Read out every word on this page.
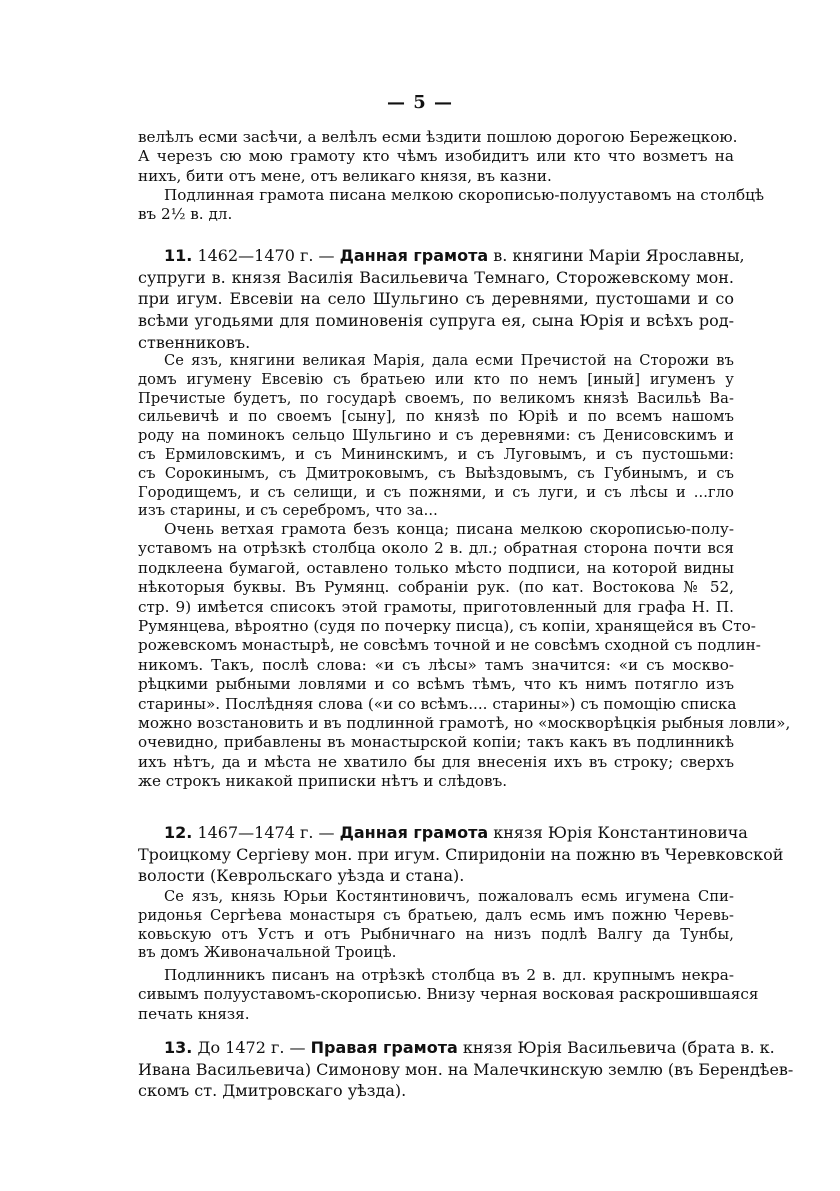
— 5 —
велѣлъ есми засѣчи, а велѣлъ есми ѣздити пошлою дорогою Бережецкою.
А черезъ сю мою грамоту кто чѣмъ изобидитъ или кто что возметъ на
нихъ, бити отъ мене, отъ великаго князя, въ казни.
Подлинная грамота писана мелкою скорописью-полууставомъ на столбцѣ
въ 2½ в. дл.
11. 1462—1470 г. — Данная грамота в. княгини Маріи Ярославны,
супруги в. князя Василія Васильевича Темнаго, Сторожевскому мон.
при игум. Евсевіи на село Шульгино съ деревнями, пустошами и со
всѣми угодьями для поминовенія супруга ея, сына Юрія и всѣхъ род-
ственниковъ.
Се язъ, княгини великая Марія, дала есми Пречистой на Сторожи въ
домъ игумену Евсевію съ братьею или кто по немъ [иный] игуменъ у
Пречистые будетъ, по государѣ своемъ, по великомъ князѣ Васильѣ Ва-
сильевичѣ и по своемъ [сыну], по князѣ по Юріѣ и по всемъ нашомъ
роду на поминокъ сельцо Шульгино и съ деревнями: съ Денисовскимъ и
съ Ермиловскимъ, и съ Мининскимъ, и съ Луговымъ, и съ пустошьми:
съ Сорокинымъ, съ Дмитроковымъ, съ Выѣздовымъ, съ Губинымъ, и съ
Городищемъ, и съ селищи, и съ пожнями, и съ луги, и съ лѣсы и ...гло
изъ старины, и съ серебромъ, что за...
Очень ветхая грамота безъ конца; писана мелкою скорописью-полу-
уставомъ на отрѣзкѣ столбца около 2 в. дл.; обратная сторона почти вся
подклеена бумагой, оставлено только мѣсто подписи, на которой видны
нѣкоторыя буквы. Въ Румянц. собраніи рук. (по кат. Востокова № 52,
стр. 9) имѣется списокъ этой грамоты, приготовленный для графа Н. П.
Румянцева, вѣроятно (судя по почерку писца), съ копіи, хранящейся въ Сто-
рожевскомъ монастырѣ, не совсѣмъ точной и не совсѣмъ сходной съ подлин-
никомъ. Такъ, послѣ слова: «и съ лѣсы» тамъ значится: «и съ москво-
рѣцкими рыбными ловлями и со всѣмъ тѣмъ, что къ нимъ потягло изъ
старины». Послѣдняя слова («и со всѣмъ.... старины») съ помощію списка
можно возстановить и въ подлинной грамотѣ, но «москворѣцкія рыбныя ловли»,
очевидно, прибавлены въ монастырской копіи; такъ какъ въ подлинникѣ
ихъ нѣтъ, да и мѣста не хватило бы для внесенія ихъ въ строку; сверхъ
же строкъ никакой приписки нѣтъ и слѣдовъ.
12. 1467—1474 г. — Данная грамота князя Юрія Константиновича
Троицкому Сергіеву мон. при игум. Спиридоніи на пожню въ Черевковской
волости (Кеврольскаго уѣзда и стана).
Се язъ, князь Юрьи Костянтиновичъ, пожаловалъ есмь игумена Спи-
ридонья Сергѣева монастыря съ братьею, далъ есмь имъ пожню Черевь-
ковьскую отъ Устъ и отъ Рыбничнаго на низъ подлѣ Валгу да Тунбы,
въ домъ Живоначальной Троицѣ.
Подлинникъ писанъ на отрѣзкѣ столбца въ 2 в. дл. крупнымъ некра-
сивымъ полууставомъ-скорописью. Внизу черная восковая раскрошившаяся
печать князя.
13. До 1472 г. — Правая грамота князя Юрія Васильевича (брата в. к.
Ивана Васильевича) Симонову мон. на Малечкинскую землю (въ Берендѣев-
скомъ ст. Дмитровскаго уѣзда).
